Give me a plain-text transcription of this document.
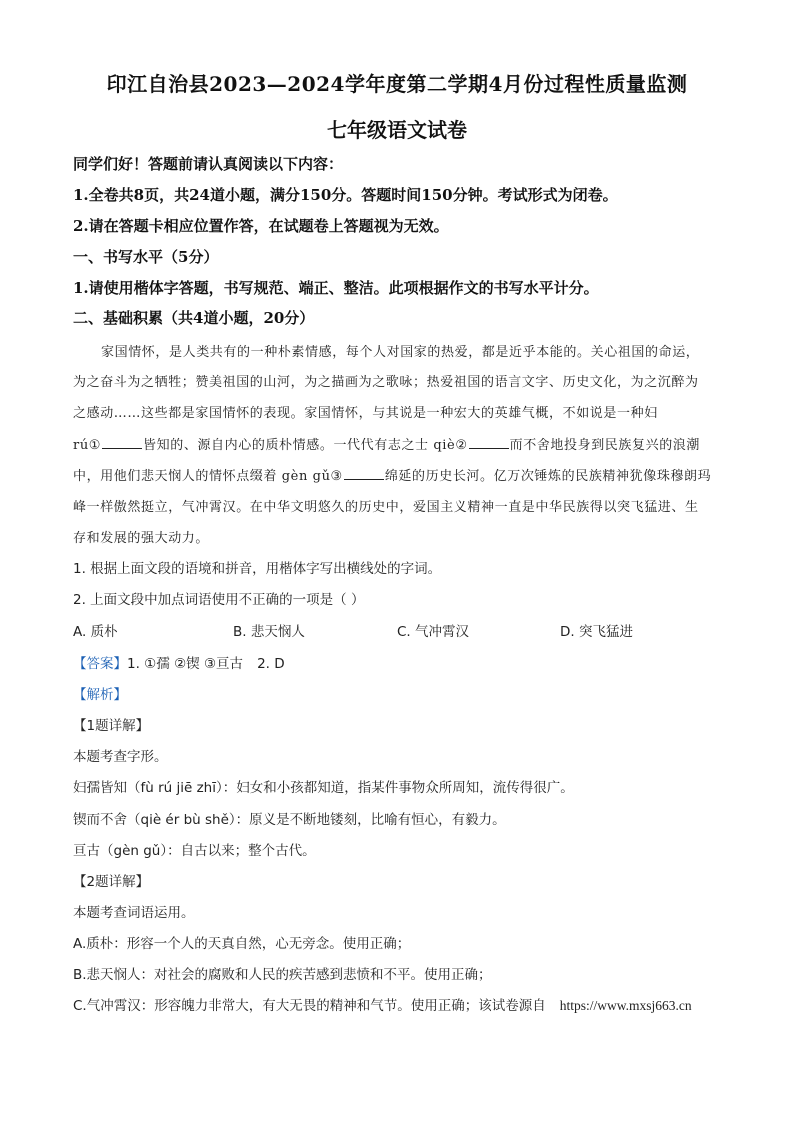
印江自治县2023—2024学年度第二学期4月份过程性质量监测
七年级语文试卷
同学们好！答题前请认真阅读以下内容：
1.全卷共8页，共24道小题，满分150分。答题时间150分钟。考试形式为闭卷。
2.请在答题卡相应位置作答，在试题卷上答题视为无效。
一、书写水平（5分）
1.请使用楷体字答题，书写规范、端正、整洁。此项根据作文的书写水平计分。
二、基础积累（共4道小题，20分）
家国情怀，是人类共有的一种朴素情感，每个人对国家的热爱，都是近乎本能的。关心祖国的命运，
为之奋斗为之牺牲；赞美祖国的山河，为之描画为之歌咏；热爱祖国的语言文字、历史文化，为之沉醉为
之感动……这些都是家国情怀的表现。家国情怀，与其说是一种宏大的英雄气概，不如说是一种妇
rú①	皆知的、源自内心的质朴情感。一代代有志之士 qiè②	而不舍地投身到民族复兴的浪潮
中，用他们悲天悯人的情怀点缀着 gèn gǔ③	绵延的历史长河。亿万次锤炼的民族精神犹像珠穆朗玛
峰一样傲然挺立，气冲霄汉。在中华文明悠久的历史中，爱国主义精神一直是中华民族得以突飞猛进、生
存和发展的强大动力。
1. 根据上面文段的语境和拼音，用楷体字写出横线处的字词。
2. 上面文段中加点词语使用不正确的一项是（ ）
A. 质朴	B. 悲天悯人	C. 气冲霄汉	D. 突飞猛进
【答案】1. ①孺 ②锲 ③亘古 2. D
【解析】
【1题详解】
本题考查字形。
妇孺皆知（fù rú jiē zhī）：妇女和小孩都知道，指某件事物众所周知，流传得很广。
锲而不舍（qiè ér bù shě）：原义是不断地镂刻，比喻有恒心，有毅力。
亘古（gèn gǔ）：自古以来；整个古代。
【2题详解】
本题考查词语运用。
A.质朴：形容一个人的天真自然，心无旁念。使用正确；
B.悲天悯人：对社会的腐败和人民的疾苦感到悲愤和不平。使用正确；
C.气冲霄汉：形容魄力非常大，有大无畏的精神和气节。使用正确；该试卷源自 https://www.mxsj663.cn
